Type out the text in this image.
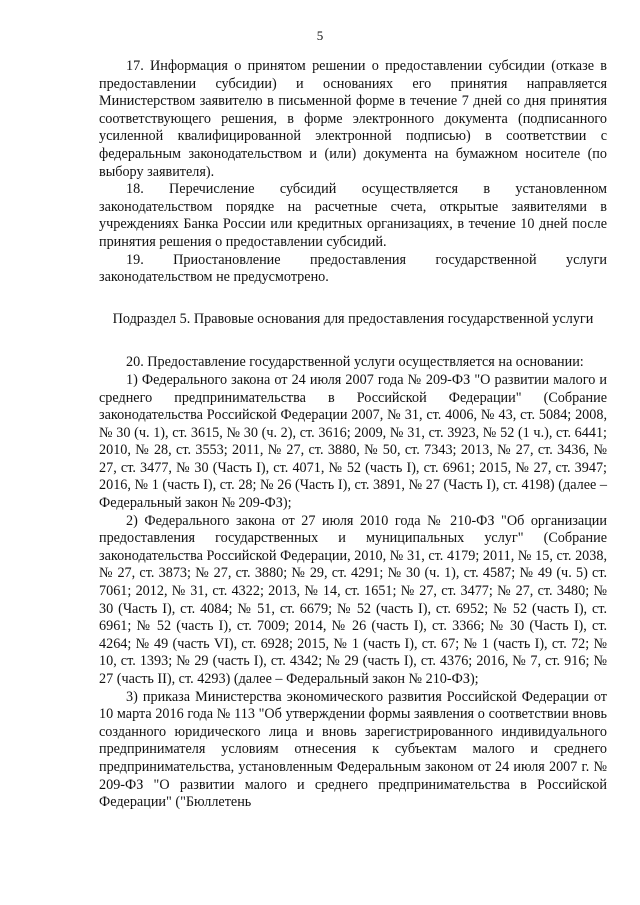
5

17. Информация о принятом решении о предоставлении субсидии (отказе в предоставлении субсидии) и основаниях его принятия направляется Министерством заявителю в письменной форме в течение 7 дней со дня принятия соответствующего решения, в форме электронного документа (подписанного усиленной квалифицированной электронной подписью) в соответствии с федеральным законодательством и (или) документа на бумажном носителе (по выбору заявителя).

18. Перечисление субсидий осуществляется в установленном законодательством порядке на расчетные счета, открытые заявителями в учреждениях Банка России или кредитных организациях, в течение 10 дней после принятия решения о предоставлении субсидий.

19. Приостановление предоставления государственной услуги законодательством не предусмотрено.

Подраздел 5. Правовые основания для предоставления государственной услуги

20. Предоставление государственной услуги осуществляется на основании:

1) Федерального закона от 24 июля 2007 года № 209-ФЗ "О развитии малого и среднего предпринимательства в Российской Федерации" (Собрание законодательства Российской Федерации 2007, № 31, ст. 4006, № 43, ст. 5084; 2008, № 30 (ч. 1), ст. 3615, № 30 (ч. 2), ст. 3616; 2009, № 31, ст. 3923, № 52 (1 ч.), ст. 6441; 2010, № 28, ст. 3553; 2011, № 27, ст. 3880, № 50, ст. 7343; 2013, № 27, ст. 3436, № 27, ст. 3477, № 30 (Часть I), ст. 4071, № 52 (часть I), ст. 6961; 2015, № 27, ст. 3947; 2016, № 1 (часть I), ст. 28; № 26 (Часть I), ст. 3891, № 27 (Часть I), ст. 4198) (далее – Федеральный закон № 209-ФЗ);

2) Федерального закона от 27 июля 2010 года № 210-ФЗ "Об организации предоставления государственных и муниципальных услуг" (Собрание законодательства Российской Федерации, 2010, № 31, ст. 4179; 2011, № 15, ст. 2038, № 27, ст. 3873; № 27, ст. 3880; № 29, ст. 4291; № 30 (ч. 1), ст. 4587; № 49 (ч. 5) ст. 7061; 2012, № 31, ст. 4322; 2013, № 14, ст. 1651; № 27, ст. 3477; № 27, ст. 3480; № 30 (Часть I), ст. 4084; № 51, ст. 6679; № 52 (часть I), ст. 6952; № 52 (часть I), ст. 6961; № 52 (часть I), ст. 7009; 2014, № 26 (часть I), ст. 3366; № 30 (Часть I), ст. 4264; № 49 (часть VI), ст. 6928; 2015, № 1 (часть I), ст. 67; № 1 (часть I), ст. 72; № 10, ст. 1393; № 29 (часть I), ст. 4342; № 29 (часть I), ст. 4376; 2016, № 7, ст. 916; № 27 (часть II), ст. 4293) (далее – Федеральный закон № 210-ФЗ);

3) приказа Министерства экономического развития Российской Федерации от 10 марта 2016 года № 113 "Об утверждении формы заявления о соответствии вновь созданного юридического лица и вновь зарегистрированного индивидуального предпринимателя условиям отнесения к субъектам малого и среднего предпринимательства, установленным Федеральным законом от 24 июля 2007 г. № 209-ФЗ "О развитии малого и среднего предпринимательства в Российской Федерации" ("Бюллетень
